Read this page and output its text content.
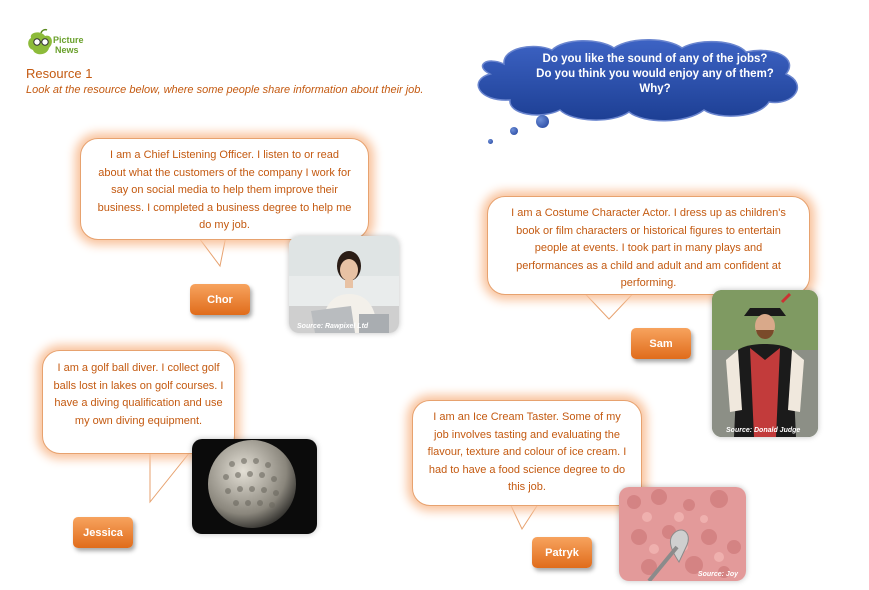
Picture
News
Resource 1
Look at the resource below, where some people share information about their job.
Do you like the sound of any of the jobs?
Do you think you would enjoy any of them?
Why?
I am a Chief Listening Officer. I listen to or read about what the customers of the company I work for say on social media to help them improve their business. I completed a business degree to help me do my job.
Source: Rawpixel Ltd
Chor
I am a Costume Character Actor. I dress up as children's book or film characters or historical figures to entertain people at events. I took part in many plays and performances as a child and adult and am confident at performing.
Source: Donald Judge
Sam
I am a golf ball diver. I collect golf balls lost in lakes on golf courses. I have a diving qualification and use my own diving equipment.
Jessica
I am an Ice Cream Taster. Some of my job involves tasting and evaluating the flavour, texture and colour of ice cream. I had to have a food science degree to do this job.
Source: Joy
Patryk
